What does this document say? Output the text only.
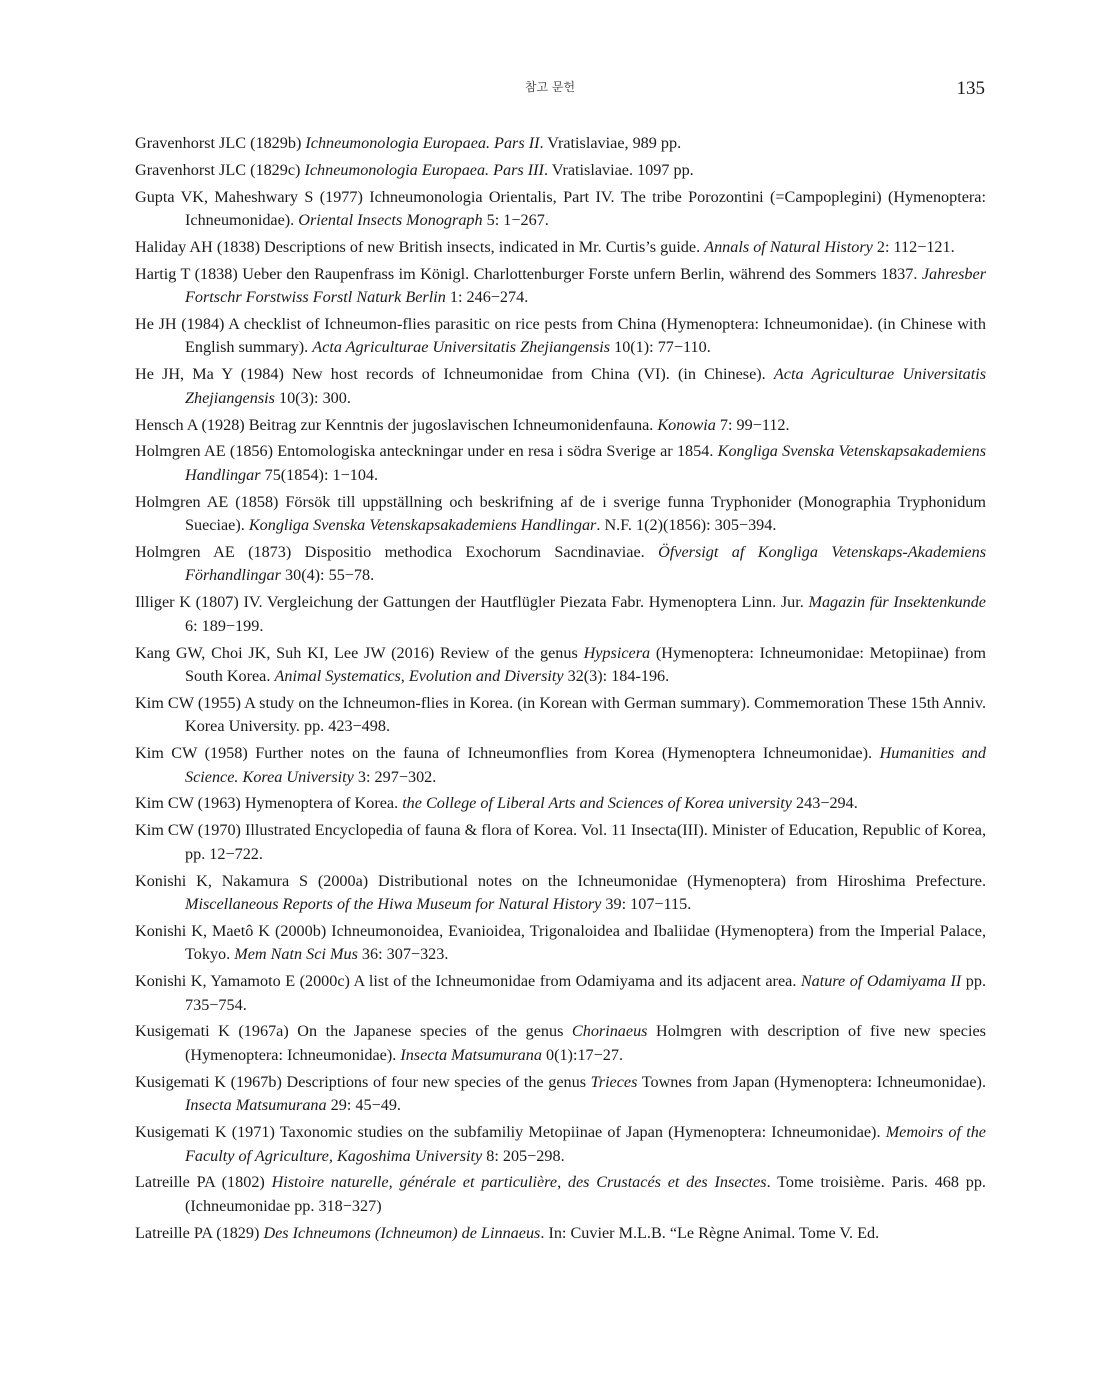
참고 문헌	135

Gravenhorst JLC (1829b) Ichneumonologia Europaea. Pars II. Vratislaviae, 989 pp.

Gravenhorst JLC (1829c) Ichneumonologia Europaea. Pars III. Vratislaviae. 1097 pp.

Gupta VK, Maheshwary S (1977) Ichneumonologia Orientalis, Part IV. The tribe Porozontini (=Campoplegini) (Hymenoptera: Ichneumonidae). Oriental Insects Monograph 5: 1−267.

Haliday AH (1838) Descriptions of new British insects, indicated in Mr. Curtis’s guide. Annals of Natural History 2: 112−121.

Hartig T (1838) Ueber den Raupenfrass im Königl. Charlottenburger Forste unfern Berlin, während des Sommers 1837. Jahresber Fortschr Forstwiss Forstl Naturk Berlin 1: 246−274.

He JH (1984) A checklist of Ichneumon-flies parasitic on rice pests from China (Hymenoptera: Ichneumonidae). (in Chinese with English summary). Acta Agriculturae Universitatis Zhejiangensis 10(1): 77−110.

He JH, Ma Y (1984) New host records of Ichneumonidae from China (VI). (in Chinese). Acta Agriculturae Universitatis Zhejiangensis 10(3): 300.

Hensch A (1928) Beitrag zur Kenntnis der jugoslavischen Ichneumonidenfauna. Konowia 7: 99−112.

Holmgren AE (1856) Entomologiska anteckningar under en resa i södra Sverige ar 1854. Kongliga Svenska Vetenskapsakademiens Handlingar 75(1854): 1−104.

Holmgren AE (1858) Försök till uppställning och beskrifning af de i sverige funna Tryphonider (Monographia Tryphonidum Sueciae). Kongliga Svenska Vetenskapsakademiens Handlingar. N.F. 1(2)(1856): 305−394.

Holmgren AE (1873) Dispositio methodica Exochorum Sacndinaviae. Öfversigt af Kongliga Vetenskaps-Akademiens Förhandlingar 30(4): 55−78.

Illiger K (1807) IV. Vergleichung der Gattungen der Hautflügler Piezata Fabr. Hymenoptera Linn. Jur. Magazin für Insektenkunde 6: 189−199.

Kang GW, Choi JK, Suh KI, Lee JW (2016) Review of the genus Hypsicera (Hymenoptera: Ichneumonidae: Metopiinae) from South Korea. Animal Systematics, Evolution and Diversity 32(3): 184-196.

Kim CW (1955) A study on the Ichneumon-flies in Korea. (in Korean with German summary). Commemoration These 15th Anniv. Korea University. pp. 423−498.

Kim CW (1958) Further notes on the fauna of Ichneumonflies from Korea (Hymenoptera Ichneumonidae). Humanities and Science. Korea University 3: 297−302.

Kim CW (1963) Hymenoptera of Korea. the College of Liberal Arts and Sciences of Korea university 243−294.

Kim CW (1970) Illustrated Encyclopedia of fauna & flora of Korea. Vol. 11 Insecta(III). Minister of Education, Republic of Korea, pp. 12−722.

Konishi K, Nakamura S (2000a) Distributional notes on the Ichneumonidae (Hymenoptera) from Hiroshima Prefecture. Miscellaneous Reports of the Hiwa Museum for Natural History 39: 107−115.

Konishi K, Maetô K (2000b) Ichneumonoidea, Evanioidea, Trigonaloidea and Ibaliidae (Hymenoptera) from the Imperial Palace, Tokyo. Mem Natn Sci Mus 36: 307−323.

Konishi K, Yamamoto E (2000c) A list of the Ichneumonidae from Odamiyama and its adjacent area. Nature of Odamiyama II pp. 735−754.

Kusigemati K (1967a) On the Japanese species of the genus Chorinaeus Holmgren with description of five new species (Hymenoptera: Ichneumonidae). Insecta Matsumurana 0(1):17−27.

Kusigemati K (1967b) Descriptions of four new species of the genus Trieces Townes from Japan (Hymenoptera: Ichneumonidae). Insecta Matsumurana 29: 45−49.

Kusigemati K (1971) Taxonomic studies on the subfamiliy Metopiinae of Japan (Hymenoptera: Ichneumonidae). Memoirs of the Faculty of Agriculture, Kagoshima University 8: 205−298.

Latreille PA (1802) Histoire naturelle, générale et particulière, des Crustacés et des Insectes. Tome troisième. Paris. 468 pp. (Ichneumonidae pp. 318−327)

Latreille PA (1829) Des Ichneumons (Ichneumon) de Linnaeus. In: Cuvier M.L.B. “Le Règne Animal. Tome V. Ed.
